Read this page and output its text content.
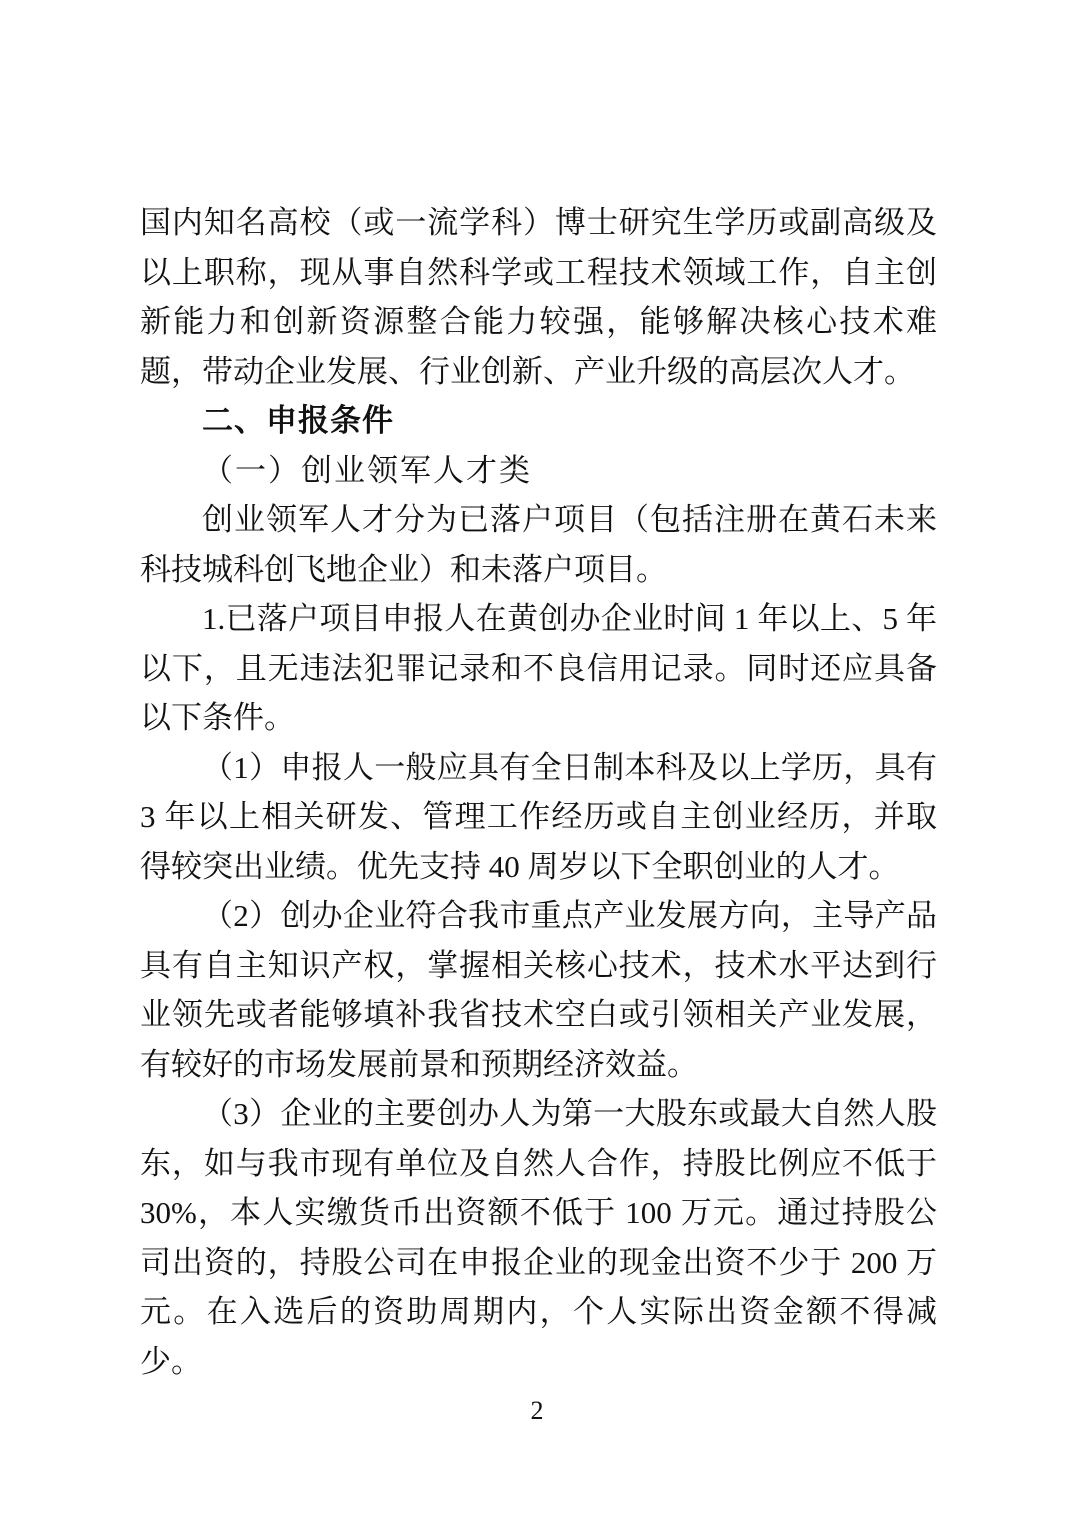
国内知名高校（或一流学科）博士研究生学历或副高级及以上职称，现从事自然科学或工程技术领域工作，自主创新能力和创新资源整合能力较强，能够解决核心技术难题，带动企业发展、行业创新、产业升级的高层次人才。

二、申报条件

（一）创业领军人才类

创业领军人才分为已落户项目（包括注册在黄石未来科技城科创飞地企业）和未落户项目。

1.已落户项目申报人在黄创办企业时间 1 年以上、5 年以下，且无违法犯罪记录和不良信用记录。同时还应具备以下条件。

（1）申报人一般应具有全日制本科及以上学历，具有 3 年以上相关研发、管理工作经历或自主创业经历，并取得较突出业绩。优先支持 40 周岁以下全职创业的人才。

（2）创办企业符合我市重点产业发展方向，主导产品具有自主知识产权，掌握相关核心技术，技术水平达到行业领先或者能够填补我省技术空白或引领相关产业发展，有较好的市场发展前景和预期经济效益。

（3）企业的主要创办人为第一大股东或最大自然人股东，如与我市现有单位及自然人合作，持股比例应不低于 30%，本人实缴货币出资额不低于 100 万元。通过持股公司出资的，持股公司在申报企业的现金出资不少于 200 万元。在入选后的资助周期内，个人实际出资金额不得减少。

2
